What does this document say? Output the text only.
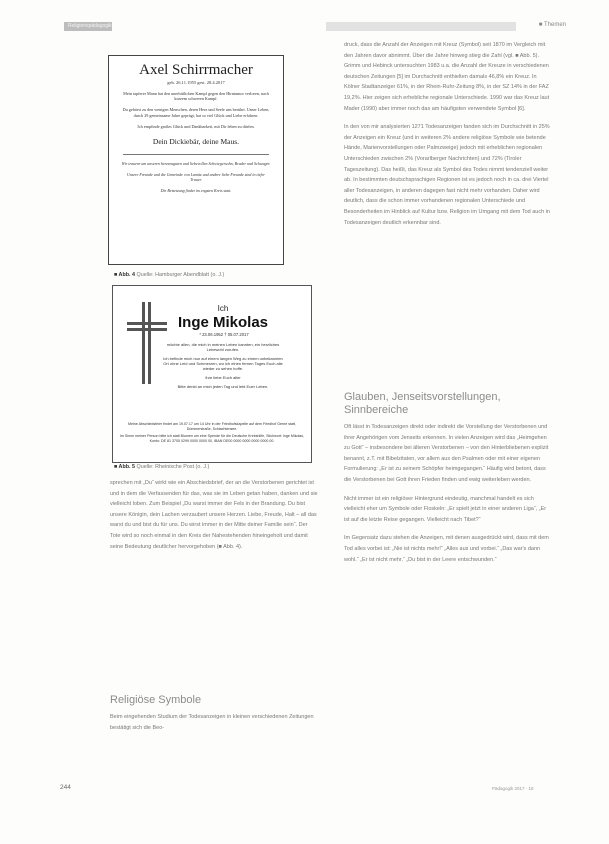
Religionspädagogik	■ Themen
Axel Schirrmacher
geb. 26.11.1955 gest. 28.4.2017

Mein tapferer Mann hat den unerbittlichen Kampf gegen den Hirntumor verloren, nach kurzem schweren Kampf.

Du gehörst zu den wenigen Menschen, deren Herz und Seele uns berührt. Unser Leben, durch 29 gemeinsame Jahre geprägt, hat so viel Glück und Liebe erfahren.

Ich empfinde großes Glück und Dankbarkeit, mit Dir leben zu dürfen.

Dein Dickiebär, deine Maus.
Wir trauern um unseren herzensguten und liebevollen Schwiegersohn, Bruder und Schwager.
Unsere Freunde und die Gemeinde von Lamitz und andere liebe Freunde sind in tiefer Trauer.
Die Beisetzung findet im engsten Kreis statt.
■ Abb. 4 Quelle: Hamburger Abendblatt (o. J.)
Ich
Inge Mikolas
* 23.06.1952 † 05.07.2017

möchte allen, die mich in meinen Leben kannten, ein herzliches Lebewohl zurufen.

Ich befinde mich nun auf einem langen Weg zu einem unbekannten Ort ohne Leid und Schmerzen, wo ich einen fernen Tages Euch alle wieder zu sehen hoffe.

Ihre liebe Euch aller

Bitte denkt an mich jeden Tag und lebt Euer Leben.

Meine Abschiedsfeier findet am 19.07.17 um 14 Uhr in der Friedhofskapelle auf dem Friedhof Gerne statt, Dümmerstraße, Schlachtensee.

Im Sinne meiner Person bitte ich statt Blumen um eine Spende für die Deutsche Krebshilfe, Stichwort: Inge Mikolas, Konto: DE 81 3705 0299 0000 0000 00, IBAN DE00 0000 0000 0000 0000 00.

■ Abb. 5 Quelle: Rheinische Post (o. J.)

sprechen mit „Du“ wirkt wie ein Abschiedsbrief, der an die Verstorbenen gerichtet ist und in dem die Verfassenden für das, was sie im Leben getan haben, danken und sie vielleicht loben. Zum Beispiel „Du warst immer der Fels in der Brandung. Du bist unsere Königin, dein Lachen verzaubert unsere Herzen. Liebe, Freude, Halt – all das warst du und bist du für uns. Du wirst immer in der Mitte deiner Familie sein“. Der Tote wird so noch einmal in den Kreis der Nahestehenden hineingeholt und damit seine Bedeutung deutlicher hervorgehoben (■ Abb. 4).

Religiöse Symbole

Beim eingehenden Studium der Todesanzeigen in kleinen verschiedenen Zeitungen bestätigt sich die Beo-

druck, dass die Anzahl der Anzeigen mit Kreuz (Symbol) seit 1870 im Vergleich mit den Jahren davor abnimmt. Über die Jahre hinweg stieg die Zahl (vgl. ■ Abb. 5). Grimm und Hebinck untersuchten 1983 u.a. die Anzahl der Kreuze in verschiedenen deutschen Zeitungen [5] im Durchschnitt enthielten damals 46,8% ein Kreuz. In Kölner Stadtanzeiger 61%, in der Rhein-Ruhr-Zeitung 8%, in der SZ 14% in der FAZ 19,2%. Hier zeigen sich erhebliche regionale Unterschiede. 1990 war das Kreuz laut Mader (1990) aber immer noch das am häufigsten verwendete Symbol [6].

In den von mir analysierten 1271 Todesanzeigen fanden sich im Durchschnitt in 25% der Anzeigen ein Kreuz (und in weiteren 2% andere religiöse Symbole wie betende Hände, Marienvorstellungen oder Palmzweige) jedoch mit erheblichen regionalen Unterschieden zwischen 2% (Vorarlberger Nachrichten) und 72% (Tiroler Tageszeitung). Das heißt, das Kreuz als Symbol des Todes nimmt tendenziell weiter ab. In bestimmten deutschsprachigen Regionen ist es jedoch noch in ca. drei Viertel aller Todesanzeigen, in anderen dagegen fast nicht mehr vorhanden. Daher wird deutlich, dass die schon immer vorhandenen regionalen Unterschiede und Besonderheiten im Hinblick auf Kultur bzw. Religion im Umgang mit dem Tod auch in Todesanzeigen deutlich erkennbar sind.

Glauben, Jenseitsvorstellungen, Sinnbereiche

Oft lässt in Todesanzeigen direkt oder indirekt die Vorstellung der Verstorbenen und ihrer Angehörigen vom Jenseits erkennen. In vielen Anzeigen wird das „Heimgehen zu Gott“ – insbesondere bei älteren Verstorbenen – von den Hinterbliebenen explizit benannt, z.T. mit Bibelzitaten, vor allem aus den Psalmen oder mit einer eigenen Formulierung: „Er ist zu seinem Schöpfer heimgegangen.“ Häufig wird betont, dass die Verstorbenen bei Gott ihren Frieden finden und ewig weiterleben werden.

Nicht immer ist ein religiöser Hintergrund eindeutig, manchmal handelt es sich vielleicht eher um Symbole oder Floskeln: „Er spielt jetzt in einer anderen Liga“, „Er ist auf die letzte Reise gegangen. Vielleicht nach Tibet?“

Im Gegensatz dazu stehen die Anzeigen, mit denen ausgedrückt wird, dass mit dem Tod alles vorbei ist: „Nie ist nichts mehr!“ „Alles aus und vorbei.“ „Das war's dann wohl.“ „Er ist nicht mehr.“ „Du bist in der Leere entschwunden.“

244	Pädagogik 2017 · 18
